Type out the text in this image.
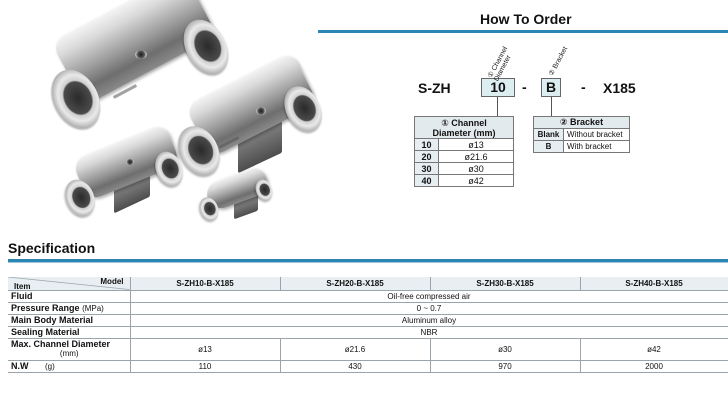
How To Order
S-ZH	10	-	B	- X185
① Channel Diameter	② Bracket
① Channel Diameter (mm)	
10	ø13
20	ø21.6
30	ø30
40	ø42
② Bracket	
Blank	Without bracket
B	With bracket
Specification
Model
Item	S-ZH10-B-X185	S-ZH20-B-X185	S-ZH30-B-X185	S-ZH40-B-X185
Fluid	Oil-free compressed air			
Pressure Range (MPa)	0 ~ 0.7			
Main Body Material	Aluminum alloy			
Sealing Material	NBR			
Max. Channel Diameter
(mm)	ø13	ø21.6	ø30	ø42
N.W (g)	110	430	970	2000
